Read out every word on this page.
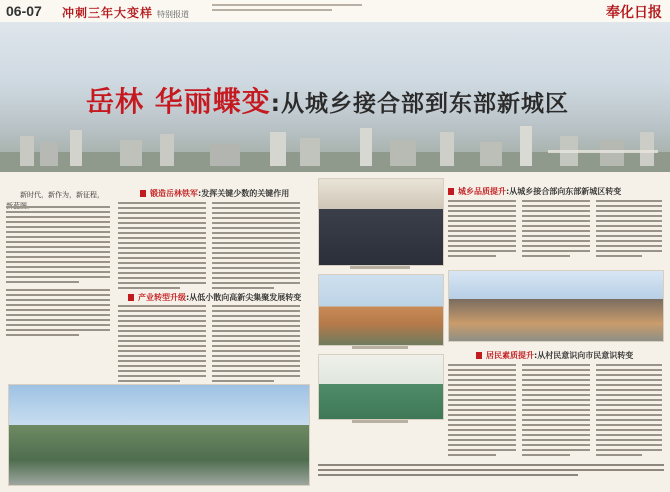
06-07 冲刺三年大变样 特别报道	奉化日报
岳林 华丽蝶变:从城乡接合部到东部新城区

新时代，新作为，新征程，	锻造岳林铁军:发挥关键少数的关键作用
产业转型升级:从低小散向高新尖集聚发展转变
城乡品质提升:从城乡接合部向东部新城区转变
居民素质提升:从村民意识向市民意识转变
